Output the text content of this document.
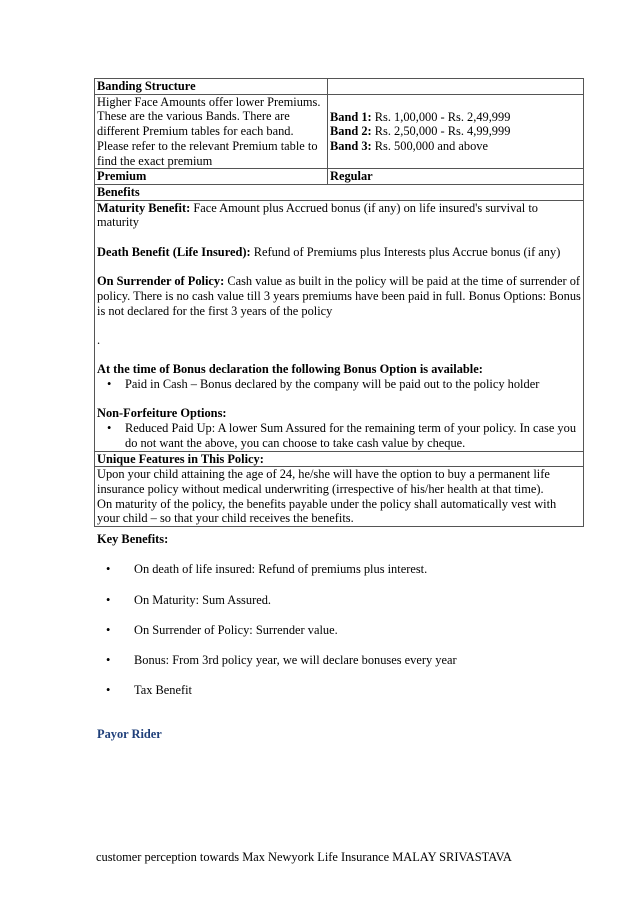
Banding Structure

Higher Face Amounts offer lower Premiums. These are the various Bands. There are different Premium tables for each band. Please refer to the relevant Premium table to find the exact premium
Band 1: Rs. 1,00,000 - Rs. 2,49,999
Band 2: Rs. 2,50,000 - Rs. 4,99,999
Band 3: Rs. 500,000 and above
Premium	Regular
Benefits
Maturity Benefit: Face Amount plus Accrued bonus (if any) on life insured's survival to maturity
Death Benefit (Life Insured): Refund of Premiums plus Interests plus Accrue bonus (if any)
On Surrender of Policy: Cash value as built in the policy will be paid at the time of surrender of policy. There is no cash value till 3 years premiums have been paid in full. Bonus Options: Bonus is not declared for the first 3 years of the policy
.
At the time of Bonus declaration the following Bonus Option is available:
• Paid in Cash – Bonus declared by the company will be paid out to the policy holder
Non-Forfeiture Options:
• Reduced Paid Up: A lower Sum Assured for the remaining term of your policy. In case you do not want the above, you can choose to take cash value by cheque.
Unique Features in This Policy:
Upon your child attaining the age of 24, he/she will have the option to buy a permanent life insurance policy without medical underwriting (irrespective of his/her health at that time).
On maturity of the policy, the benefits payable under the policy shall automatically vest with your child – so that your child receives the benefits.
Key Benefits:
• On death of life insured: Refund of premiums plus interest.
• On Maturity: Sum Assured.
• On Surrender of Policy: Surrender value.
• Bonus: From 3rd policy year, we will declare bonuses every year
• Tax Benefit
Payor Rider
customer perception towards Max Newyork Life Insurance MALAY SRIVASTAVA
